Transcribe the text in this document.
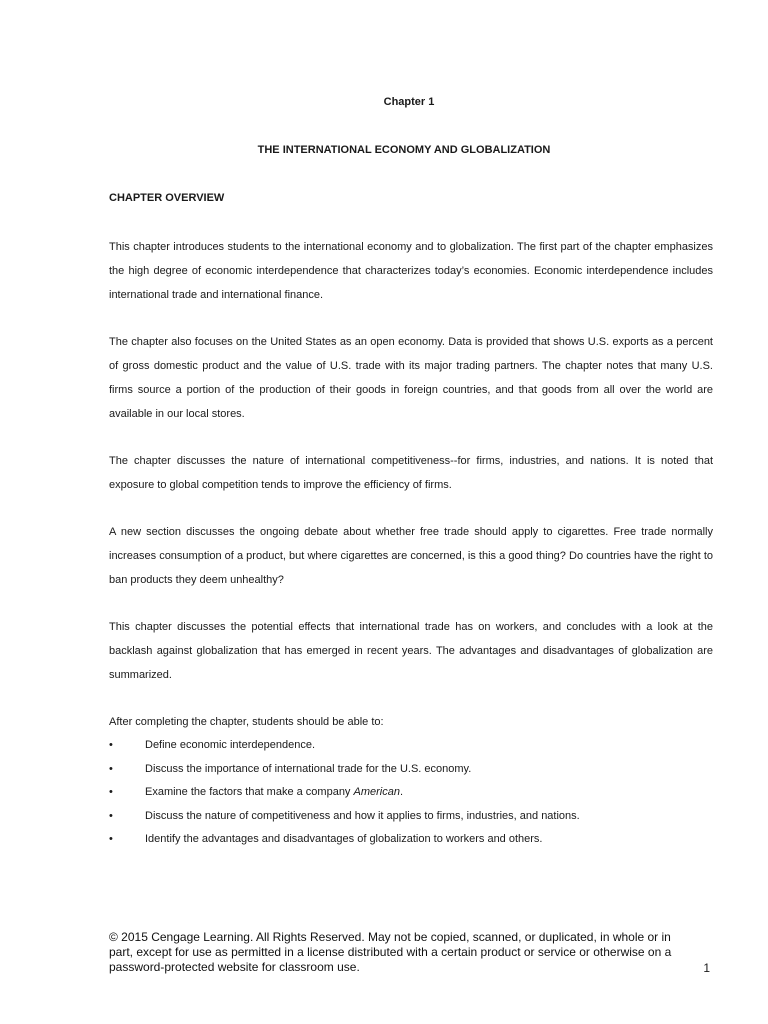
Chapter 1
THE INTERNATIONAL ECONOMY AND GLOBALIZATION
CHAPTER OVERVIEW

This chapter introduces students to the international economy and to globalization. The first part of the chapter emphasizes the high degree of economic interdependence that characterizes today’s economies. Economic interdependence includes international trade and international finance.

The chapter also focuses on the United States as an open economy. Data is provided that shows U.S. exports as a percent of gross domestic product and the value of U.S. trade with its major trading partners. The chapter notes that many U.S. firms source a portion of the production of their goods in foreign countries, and that goods from all over the world are available in our local stores.

The chapter discusses the nature of international competitiveness--for firms, industries, and nations. It is noted that exposure to global competition tends to improve the efficiency of firms.

A new section discusses the ongoing debate about whether free trade should apply to cigarettes. Free trade normally increases consumption of a product, but where cigarettes are concerned, is this a good thing? Do countries have the right to ban products they deem unhealthy?

This chapter discusses the potential effects that international trade has on workers, and concludes with a look at the backlash against globalization that has emerged in recent years. The advantages and disadvantages of globalization are summarized.

After completing the chapter, students should be able to:

•	Define economic interdependence.
•	Discuss the importance of international trade for the U.S. economy.
•	Examine the factors that make a company American.
•	Discuss the nature of competitiveness and how it applies to firms, industries, and nations.
•	Identify the advantages and disadvantages of globalization to workers and others.
© 2015 Cengage Learning. All Rights Reserved. May not be copied, scanned, or duplicated, in whole or in
part, except for use as permitted in a license distributed with a certain product or service or otherwise on a
password-protected website for classroom use.	1
